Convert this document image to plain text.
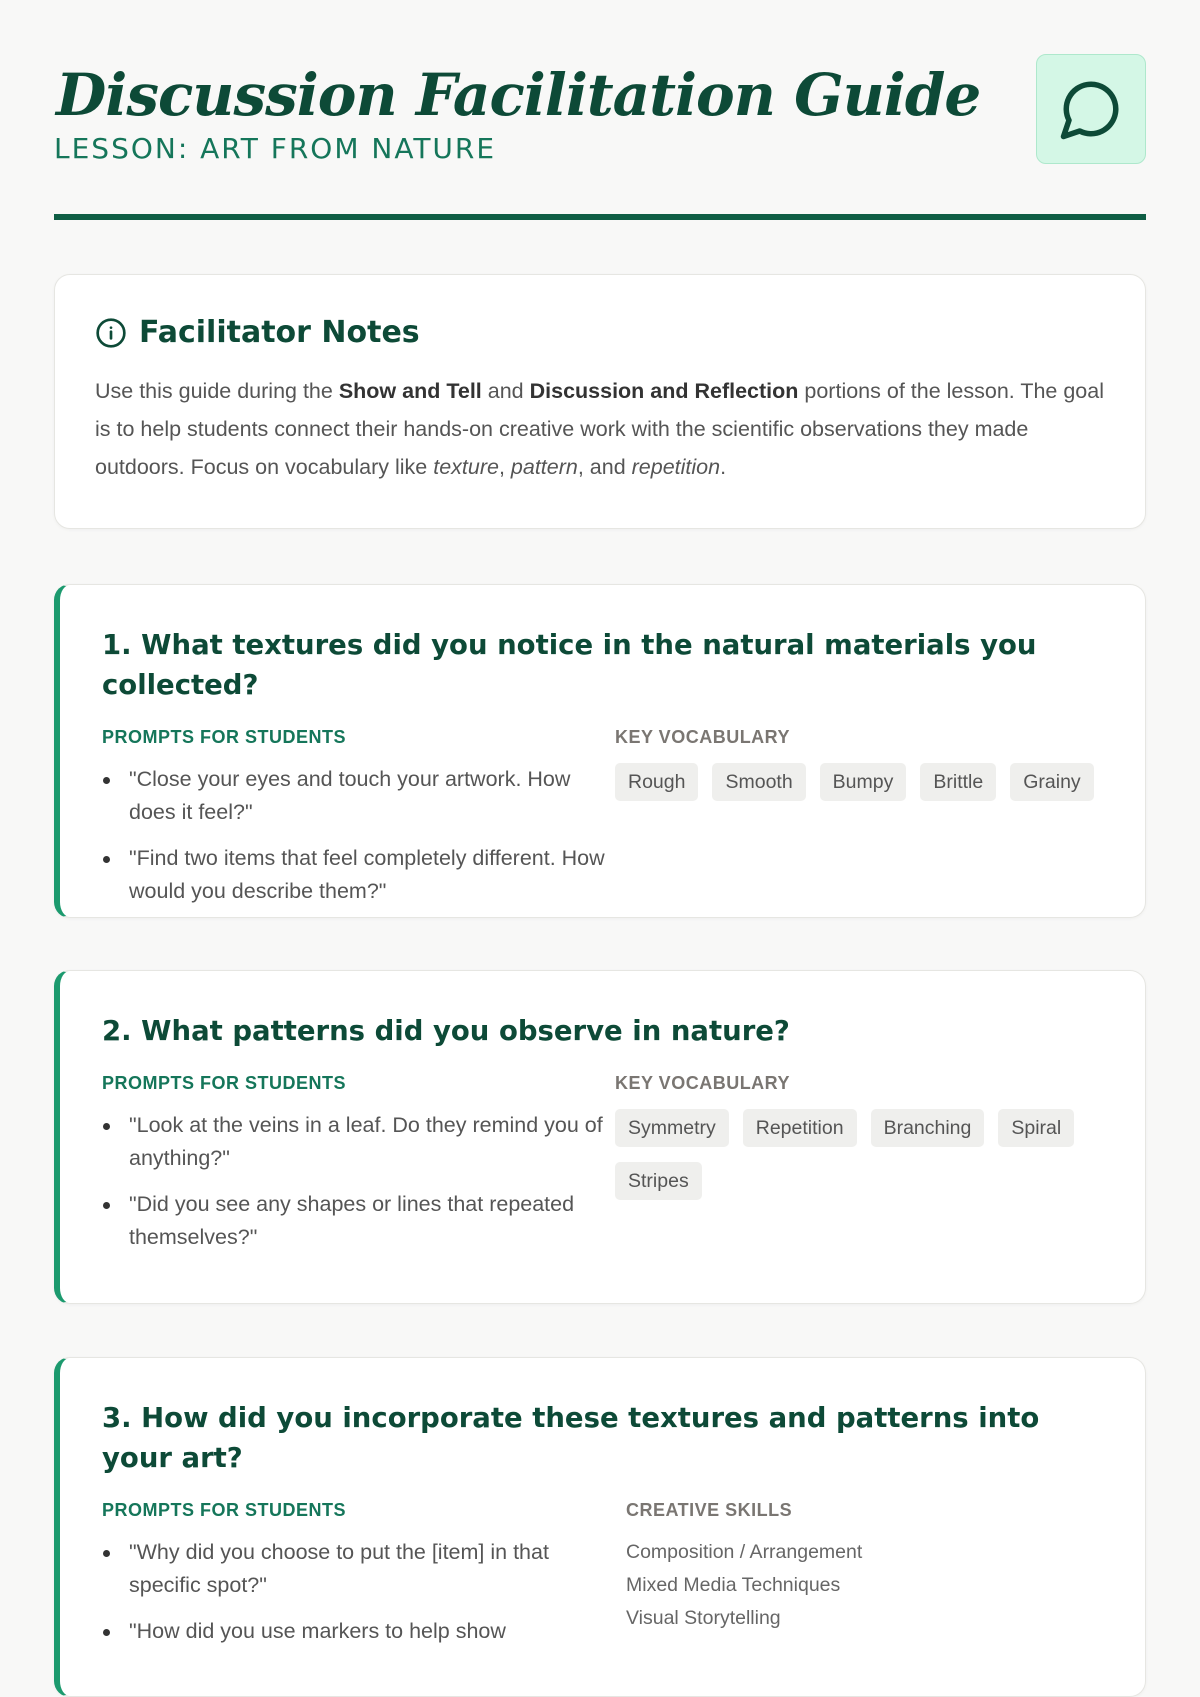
Discussion Facilitation Guide
LESSON: ART FROM NATURE
Facilitator Notes

Use this guide during the Show and Tell and Discussion and Reflection portions of the lesson. The goal is to help students connect their hands-on creative work with the scientific observations they made outdoors. Focus on vocabulary like texture, pattern, and repetition.

1. What textures did you notice in the natural materials you collected?
PROMPTS FOR STUDENTS
"Close your eyes and touch your artwork. How does it feel?"
"Find two items that feel completely different. How would you describe them?"
KEY VOCABULARY
Rough	Smooth	Bumpy	Brittle	Grainy
2. What patterns did you observe in nature?
PROMPTS FOR STUDENTS
"Look at the veins in a leaf. Do they remind you of anything?"
"Did you see any shapes or lines that repeated themselves?"
KEY VOCABULARY
Symmetry	Repetition	Branching	Spiral
Stripes
3. How did you incorporate these textures and patterns into your art?
PROMPTS FOR STUDENTS
"Why did you choose to put the [item] in that specific spot?"
"How did you use markers to help show
CREATIVE SKILLS
Composition / Arrangement
Mixed Media Techniques
Visual Storytelling
